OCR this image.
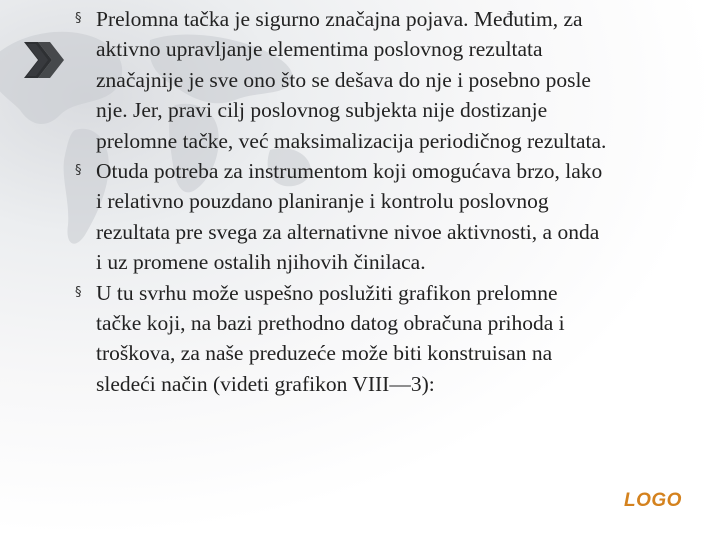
§ Prelomna tačka je sigurno značajna pojava. Međutim, za
aktivno upravljanje elementima poslovnog rezultata
značajnije je sve ono što se dešava do nje i posebno posle
nje. Jer, pravi cilj poslovnog subjekta nije dostizanje
prelomne tačke, već maksimalizacija periodičnog rezultata.

§ Otuda potreba za instrumentom koji omogućava brzo, lako
i relativno pouzdano planiranje i kontrolu poslovnog
rezultata pre svega za alternativne nivoe aktivnosti, a onda
i uz promene ostalih njihovih činilaca.

§ U tu svrhu može uspešno poslužiti grafikon prelomne
tačke koji, na bazi prethodno datog obračuna prihoda i
troškova, za naše preduzeće može biti konstruisan na
sledeći način (videti grafikon VIII—3):

LOGO
